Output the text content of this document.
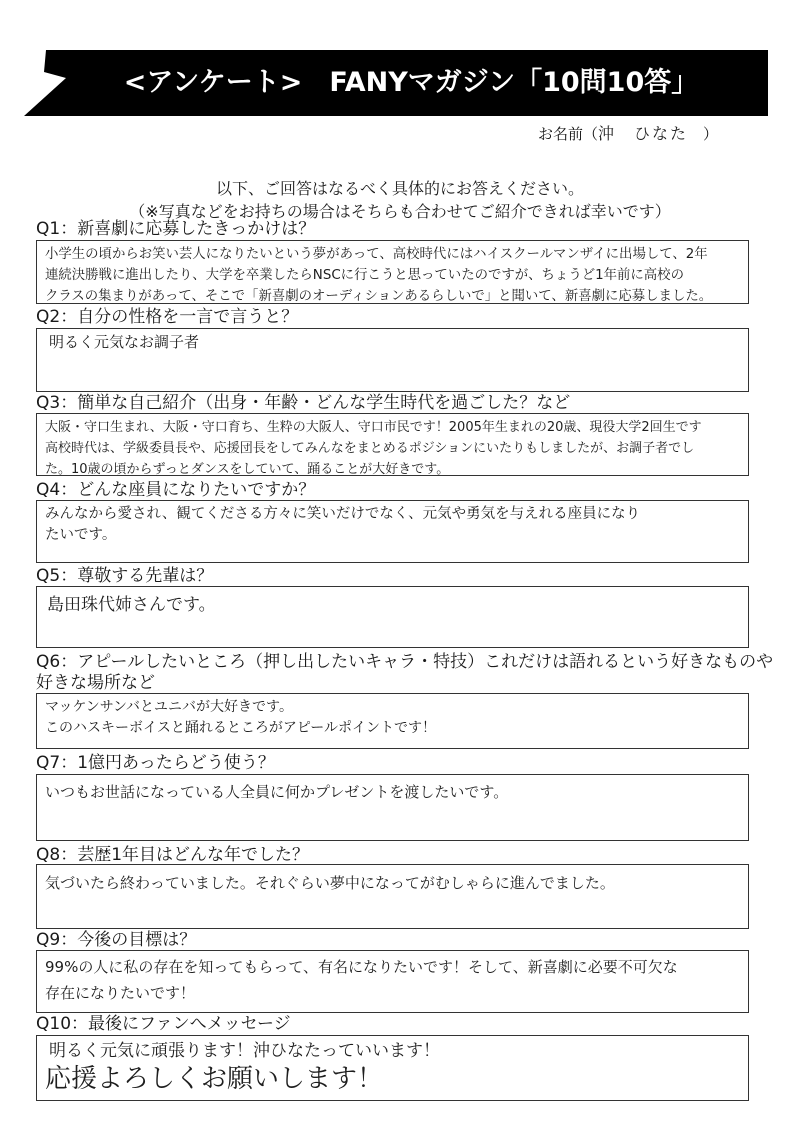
<アンケート>　FANYマガジン「10問10答」
お名前（沖　ひなた　）
以下、ご回答はなるべく具体的にお答えください。
（※写真などをお持ちの場合はそちらも合わせてご紹介できれば幸いです）
Q1：新喜劇に応募したきっかけは？
小学生の頃からお笑い芸人になりたいという夢があって、高校時代にはハイスクールマンザイに出場して、2年
連続決勝戦に進出したり、大学を卒業したらNSCに行こうと思っていたのですが、ちょうど1年前に高校の
クラスの集まりがあって、そこで「新喜劇のオーディションあるらしいで」と聞いて、新喜劇に応募しました。
Q2：自分の性格を一言で言うと？
明るく元気なお調子者
Q3：簡単な自己紹介（出身・年齢・どんな学生時代を過ごした？など
大阪・守口生まれ、大阪・守口育ち、生粋の大阪人、守口市民です！2005年生まれの20歳、現役大学2回生です
高校時代は、学級委員長や、応援団長をしてみんなをまとめるポジションにいたりもしましたが、お調子者でし
た。10歳の頃からずっとダンスをしていて、踊ることが大好きです。
Q4：どんな座員になりたいですか？
みんなから愛され、観てくださる方々に笑いだけでなく、元気や勇気を与えれる座員になり
たいです。
Q5：尊敬する先輩は？
島田珠代姉さんです。
Q6：アピールしたいところ（押し出したいキャラ・特技）これだけは語れるという好きなものや
好きな場所など
マッケンサンバとユニバが大好きです。
このハスキーボイスと踊れるところがアピールポイントです！
Q7：1億円あったらどう使う？
いつもお世話になっている人全員に何かプレゼントを渡したいです。
Q8：芸歴1年目はどんな年でした？
気づいたら終わっていました。それぐらい夢中になってがむしゃらに進んでました。
Q9：今後の目標は？
99%の人に私の存在を知ってもらって、有名になりたいです！そして、新喜劇に必要不可欠な
存在になりたいです！
Q10：最後にファンへメッセージ
明るく元気に頑張ります！沖ひなたっていいます！
応援よろしくお願いします！
